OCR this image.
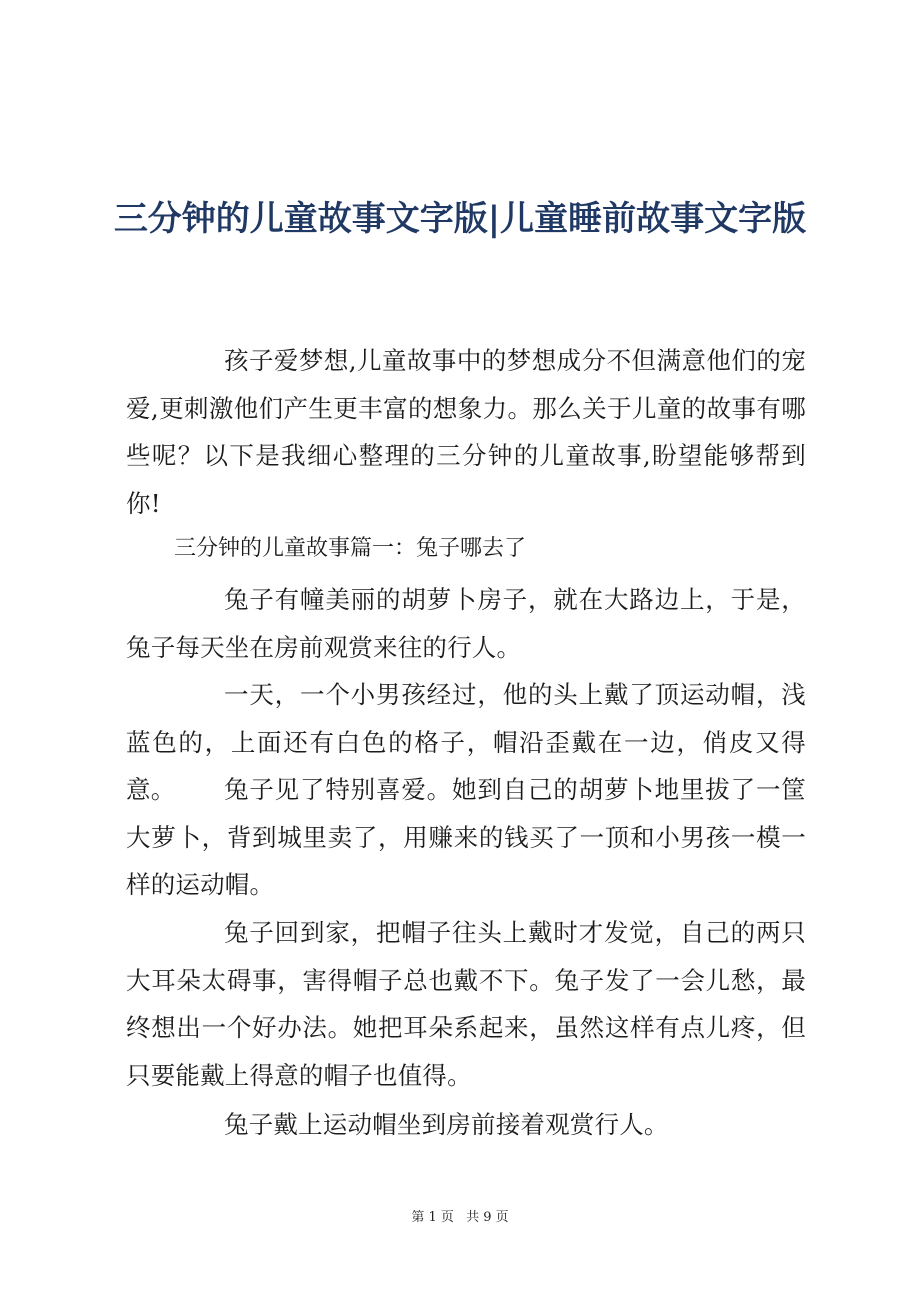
三分钟的儿童故事文字版|儿童睡前故事文字版

孩子爱梦想,儿童故事中的梦想成分不但满意他们的宠爱,更刺激他们产生更丰富的想象力。那么关于儿童的故事有哪些呢？以下是我细心整理的三分钟的儿童故事,盼望能够帮到你!

三分钟的儿童故事篇一：兔子哪去了

兔子有幢美丽的胡萝卜房子，就在大路边上，于是，兔子每天坐在房前观赏来往的行人。

一天，一个小男孩经过，他的头上戴了顶运动帽，浅蓝色的，上面还有白色的格子，帽沿歪戴在一边，俏皮又得意。	兔子见了特别喜爱。她到自己的胡萝卜地里拔了一筐大萝卜，背到城里卖了，用赚来的钱买了一顶和小男孩一模一样的运动帽。

兔子回到家，把帽子往头上戴时才发觉，自己的两只大耳朵太碍事，害得帽子总也戴不下。兔子发了一会儿愁，最终想出一个好办法。她把耳朵系起来，虽然这样有点儿疼，但只要能戴上得意的帽子也值得。

兔子戴上运动帽坐到房前接着观赏行人。

第 1 页 共 9 页
